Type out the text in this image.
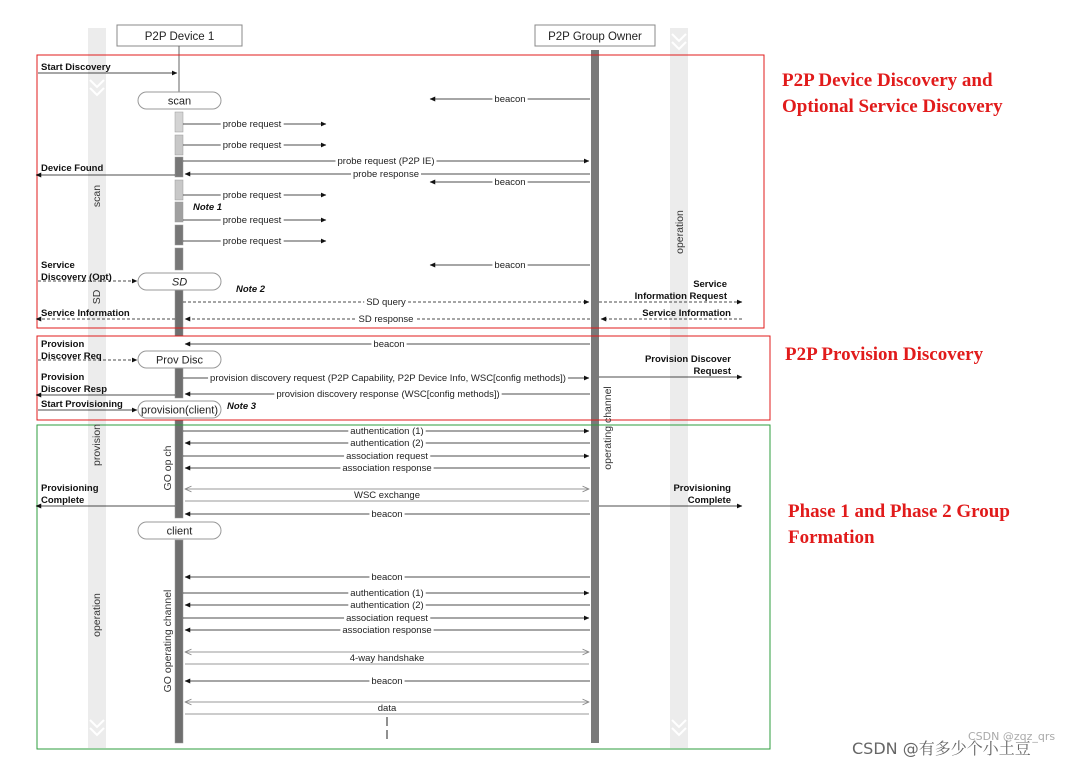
P2P Device 1	P2P Group Owner
scan
SD
Prov Disc
provision(client)
client
P2P Device Discovery and
Optional Service Discovery
P2P Provision Discovery
Phase 1 and Phase 2 Group
Formation
scan
SD
provision
operation
GO op ch
GO operating channel
operation
operating channel
Note 1
Note 2
Note 3
beacon
probe request
probe request
probe request (P2P IE)
probe response
beacon
probe request
probe request
probe request
beacon
SD query
SD response
beacon
provision discovery request (P2P Capability, P2P Device Info, WSC[config methods])
provision discovery response (WSC[config methods])
authentication (1)
authentication (2)
association request
association response
WSC exchange
beacon
beacon
authentication (1)
authentication (2)
association request
association response
4-way handshake
beacon
data
Start Discovery
Device Found
Service
Discovery (Opt)
Service Information
Provision
Discover Req
Provision
Discover Resp
Start Provisioning
Provisioning
Complete
Service
Information Request
Service Information
Provision Discover
Request
Provisioning
Complete
CSDN @zqz_qrs
CSDN @有多少个小土豆
